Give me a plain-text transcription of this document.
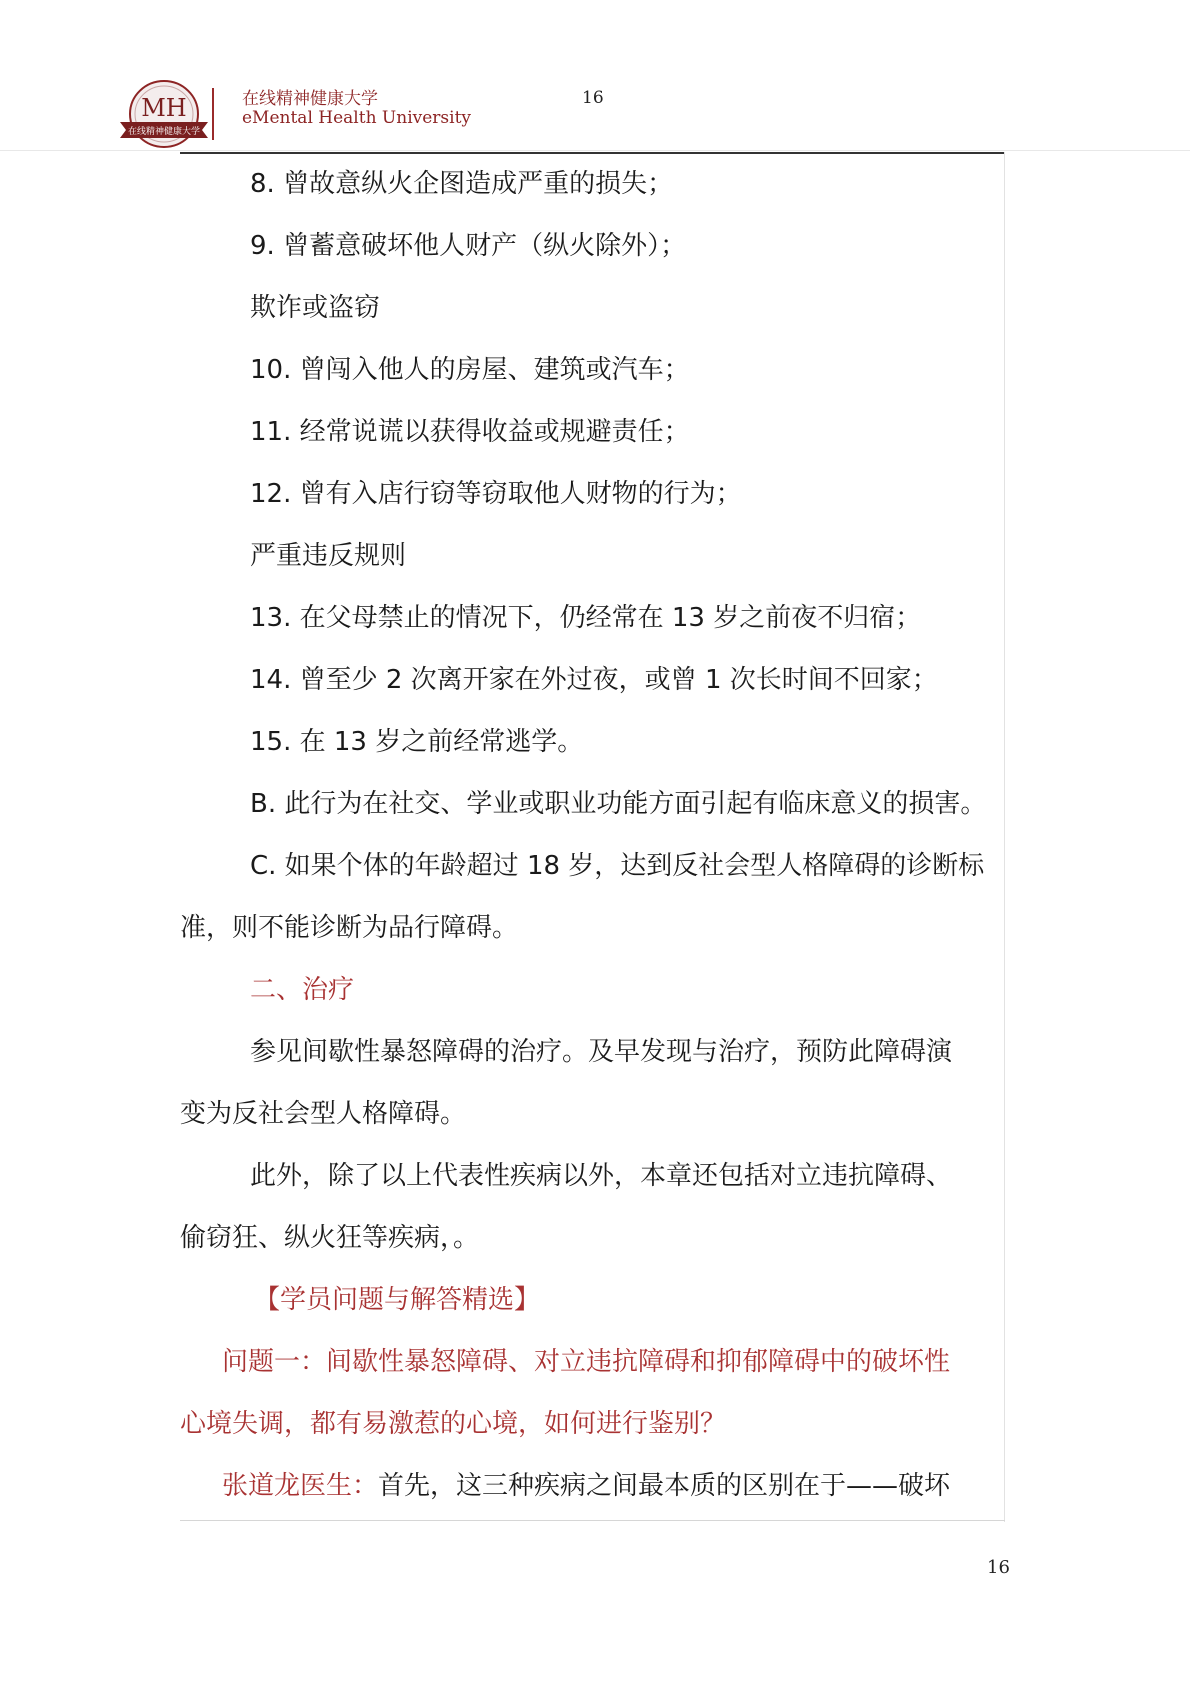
MH
在线精神健康大学
在线精神健康大学
eMental Health University
16
8. 曾故意纵火企图造成严重的损失；
9. 曾蓄意破坏他人财产（纵火除外）；
欺诈或盗窃
10. 曾闯入他人的房屋、建筑或汽车；
11. 经常说谎以获得收益或规避责任；
12. 曾有入店行窃等窃取他人财物的行为；
严重违反规则
13. 在父母禁止的情况下，仍经常在 13 岁之前夜不归宿；
14. 曾至少 2 次离开家在外过夜，或曾 1 次长时间不回家；
15. 在 13 岁之前经常逃学。
B. 此行为在社交、学业或职业功能方面引起有临床意义的损害。
C. 如果个体的年龄超过 18 岁，达到反社会型人格障碍的诊断标
准，则不能诊断为品行障碍。
二、治疗
参见间歇性暴怒障碍的治疗。及早发现与治疗，预防此障碍演
变为反社会型人格障碍。
此外，除了以上代表性疾病以外，本章还包括对立违抗障碍、
偷窃狂、纵火狂等疾病，。
【学员问题与解答精选】
问题一：间歇性暴怒障碍、对立违抗障碍和抑郁障碍中的破坏性
心境失调，都有易激惹的心境，如何进行鉴别？
张道龙医生：首先，这三种疾病之间最本质的区别在于——破坏
16
